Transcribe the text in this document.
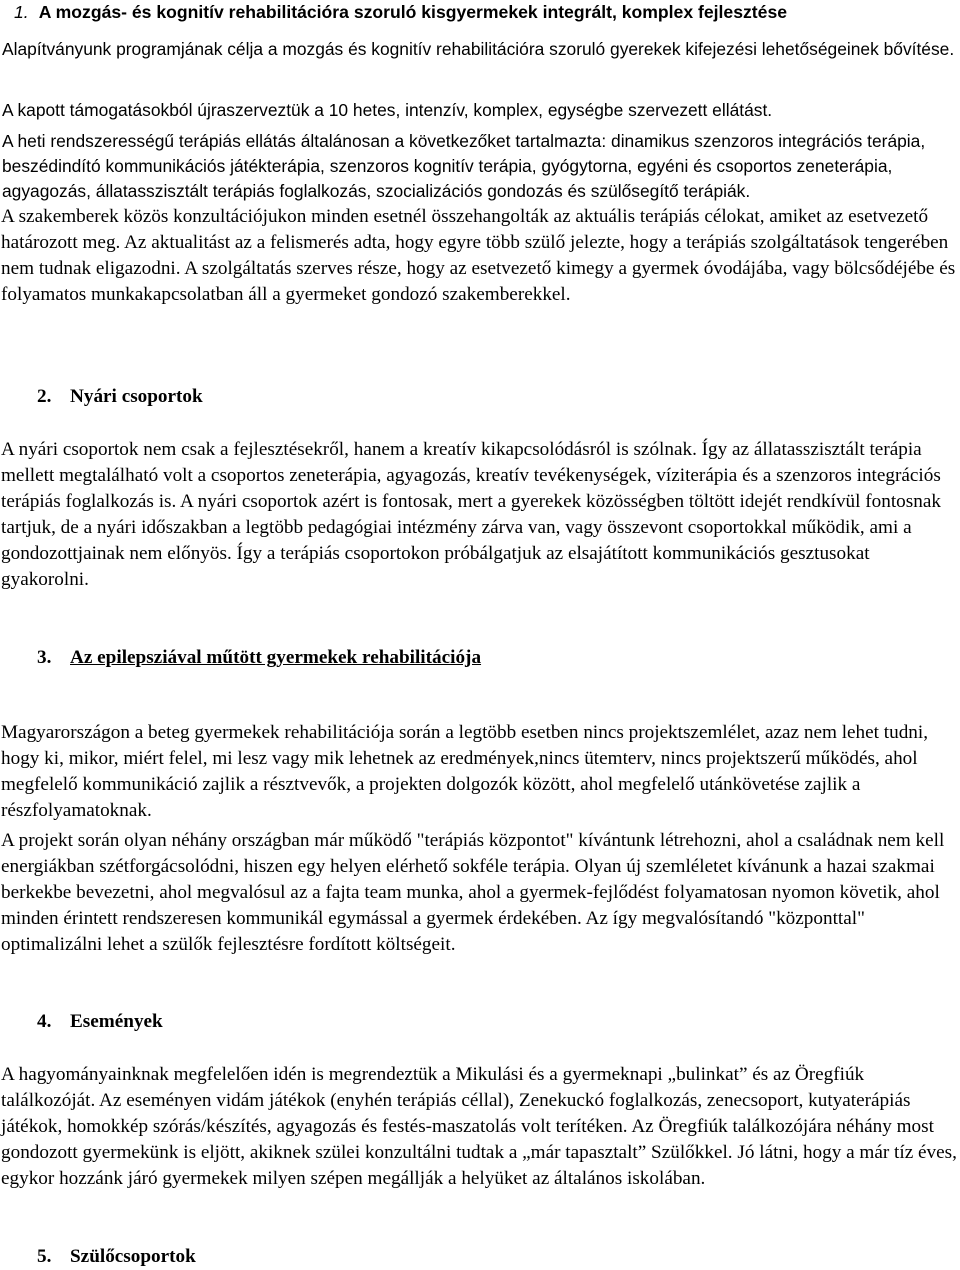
1. A mozgás- és kognitív rehabilitációra szoruló kisgyermekek integrált, komplex fejlesztése

Alapítványunk programjának célja a mozgás és kognitív rehabilitációra szoruló gyerekek kifejezési lehetőségeinek bővítése.

A kapott támogatásokból újraszerveztük a 10 hetes, intenzív, komplex, egységbe szervezett ellátást.

A heti rendszerességű terápiás ellátás általánosan a következőket tartalmazta: dinamikus szenzoros integrációs terápia, beszédindító kommunikációs játékterápia, szenzoros kognitív terápia, gyógytorna, egyéni és csoportos zeneterápia, agyagozás, állatasszisztált terápiás foglalkozás, szocializációs gondozás és szülősegítő terápiák.

A szakemberek közös konzultációjukon minden esetnél összehangolták az aktuális terápiás célokat, amiket az esetvezető határozott meg. Az aktualitást az a felismerés adta, hogy egyre több szülő jelezte, hogy a terápiás szolgáltatások tengerében nem tudnak eligazodni. A szolgáltatás szerves része, hogy az esetvezető kimegy a gyermek óvodájába, vagy bölcsődéjébe és folyamatos munkakapcsolatban áll a gyermeket gondozó szakemberekkel.

2. Nyári csoportok

A nyári csoportok nem csak a fejlesztésekről, hanem a kreatív kikapcsolódásról is szólnak. Így az állatasszisztált terápia mellett megtalálható volt a csoportos zeneterápia, agyagozás, kreatív tevékenységek, víziterápia és a szenzoros integrációs terápiás foglalkozás is. A nyári csoportok azért is fontosak, mert a gyerekek közösségben töltött idejét rendkívül fontosnak tartjuk, de a nyári időszakban a legtöbb pedagógiai intézmény zárva van, vagy összevont csoportokkal működik, ami a gondozottjainak nem előnyös. Így a terápiás csoportokon próbálgatjuk az elsajátított kommunikációs gesztusokat gyakorolni.

3. Az epilepsziával műtött gyermekek rehabilitációja

Magyarországon a beteg gyermekek rehabilitációja során a legtöbb esetben nincs projektszemlélet, azaz nem lehet tudni, hogy ki, mikor, miért felel, mi lesz vagy mik lehetnek az eredmények,nincs ütemterv, nincs projektszerű működés, ahol megfelelő kommunikáció zajlik a résztvevők, a projekten dolgozók között, ahol megfelelő utánkövetése zajlik a részfolyamatoknak.

A projekt során olyan néhány országban már működő "terápiás központot" kívántunk létrehozni, ahol a családnak nem kell energiákban szétforgácsolódni, hiszen egy helyen elérhető sokféle terápia. Olyan új szemléletet kívánunk a hazai szakmai berkekbe bevezetni, ahol megvalósul az a fajta team munka, ahol a gyermek-fejlődést folyamatosan nyomon követik, ahol minden érintett rendszeresen kommunikál egymással a gyermek érdekében. Az így megvalósítandó "központtal" optimalizálni lehet a szülők fejlesztésre fordított költségeit.

4. Események

A hagyományainknak megfelelően idén is megrendeztük a Mikulási és a gyermeknapi „bulinkat” és az Öregfiúk találkozóját. Az eseményen vidám játékok (enyhén terápiás céllal), Zenekuckó foglalkozás, zenecsoport, kutyaterápiás játékok, homokkép szórás/készítés, agyagozás és festés-maszatolás volt terítéken. Az Öregfiúk találkozójára néhány most gondozott gyermekünk is eljött, akiknek szülei konzultálni tudtak a „már tapasztalt” Szülőkkel. Jó látni, hogy a már tíz éves, egykor hozzánk járó gyermekek milyen szépen megállják a helyüket az általános iskolában.

5. Szülőcsoportok
